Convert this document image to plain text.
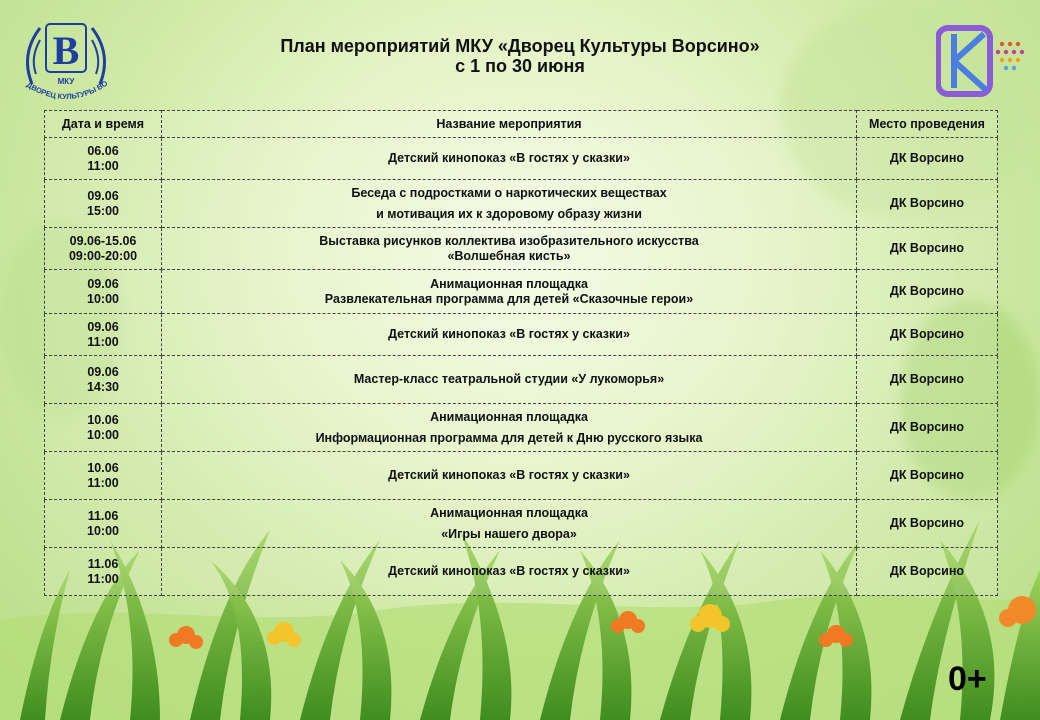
В
МКУ
ДВОРЕЦ КУЛЬТУРЫ ВО
План мероприятий МКУ «Дворец Культуры Ворсино»
с 1 по 30 июня
Дата и время	Название мероприятия	Место проведения

06.06
11:00	Детский кинопоказ «В гостях у сказки»	ДК Ворсино

09.06
15:00	Беседа с подростками о наркотических веществах
и мотивация их к здоровому образу жизни	ДК Ворсино

09.06-15.06
09:00-20:00	Выставка рисунков коллектива изобразительного искусства
«Волшебная кисть»	ДК Ворсино

09.06
10:00	Анимационная площадка
Развлекательная программа для детей «Сказочные герои»	ДК Ворсино

09.06
11:00	Детский кинопоказ «В гостях у сказки»	ДК Ворсино

09.06
14:30	Мастер-класс театральной студии «У лукоморья»	ДК Ворсино

10.06
10:00	Анимационная площадка
Информационная программа для детей к Дню русского языка	ДК Ворсино

10.06
11:00	Детский кинопоказ «В гостях у сказки»	ДК Ворсино

11.06
10:00	Анимационная площадка
«Игры нашего двора»	ДК Ворсино

11.06
11:00	Детский кинопоказ «В гостях у сказки»	ДК Ворсино
0+
